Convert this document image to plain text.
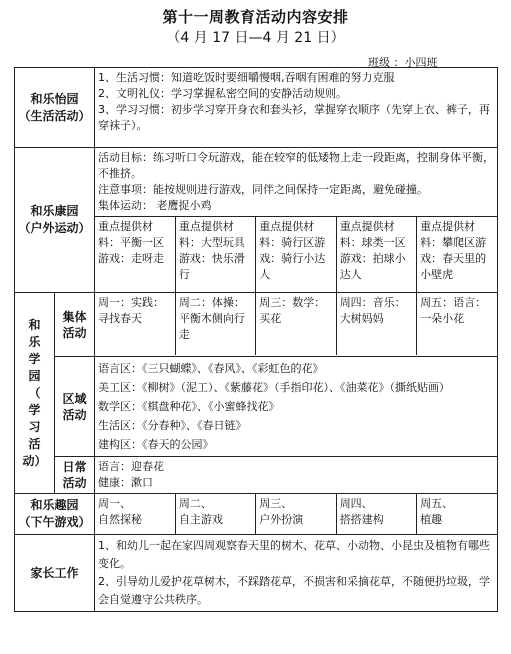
第十一周教育活动内容安排
（4 月 17 日—4 月 21 日）
班级 ：小四班
和乐怡园
（生活活动）

1、生活习惯：知道吃饭时要细嚼慢咽,吞咽有困难的努力克服
2、文明礼仪：学习掌握私密空间的安静活动规则。
3、学习习惯：初步学习穿开身衣和套头衫，掌握穿衣顺序（先穿上衣、裤子，再穿袜子）。

和乐康园
（户外运动）

活动目标：练习听口令玩游戏，能在较窄的低矮物上走一段距离，控制身体平衡，不推挤。
注意事项：能按规则进行游戏，同伴之间保持一定距离，避免碰撞。
集体运动： 老鹰捉小鸡
重点提供材料：平衡一区游戏：走呀走	重点提供材料：大型玩具游戏：快乐滑行	重点提供材料：骑行区游戏：骑行小达人	重点提供材料：球类一区游戏：拍球小达人	重点提供材料：攀爬区游戏：春天里的小壁虎

和
乐
学
园
（
学
习
活
动）

集体
活动

周一：实践：寻找春天	周二：体操：平衡木侧向行走	周三：数学：买花	周四：音乐：大树妈妈	周五：语言：一朵小花

区域
活动

语言区：《三只蝴蝶》、《春风》、《彩虹色的花》
美工区：《柳树》（泥工）、《紫藤花》（手指印花）、《油菜花》（撕纸贴画）
数学区：《棋盘种花》、《小蜜蜂找花》
生活区：《分春种》、《春日链》
建构区：《春天的公园》

日常
活动

语言：迎春花
健康：漱口

和乐趣园
（下午游戏）

周一、
自然探秘

周二、
自主游戏

周三、
户外扮演

周四、
搭搭建构

周五、
植趣

家长工作	
1、和幼儿一起在家四周观察春天里的树木、花草、小动物、小昆虫及植物有哪些变化。
2、引导幼儿爱护花草树木，不踩踏花草，不损害和采摘花草，不随便扔垃圾，学会自觉遵守公共秩序。
